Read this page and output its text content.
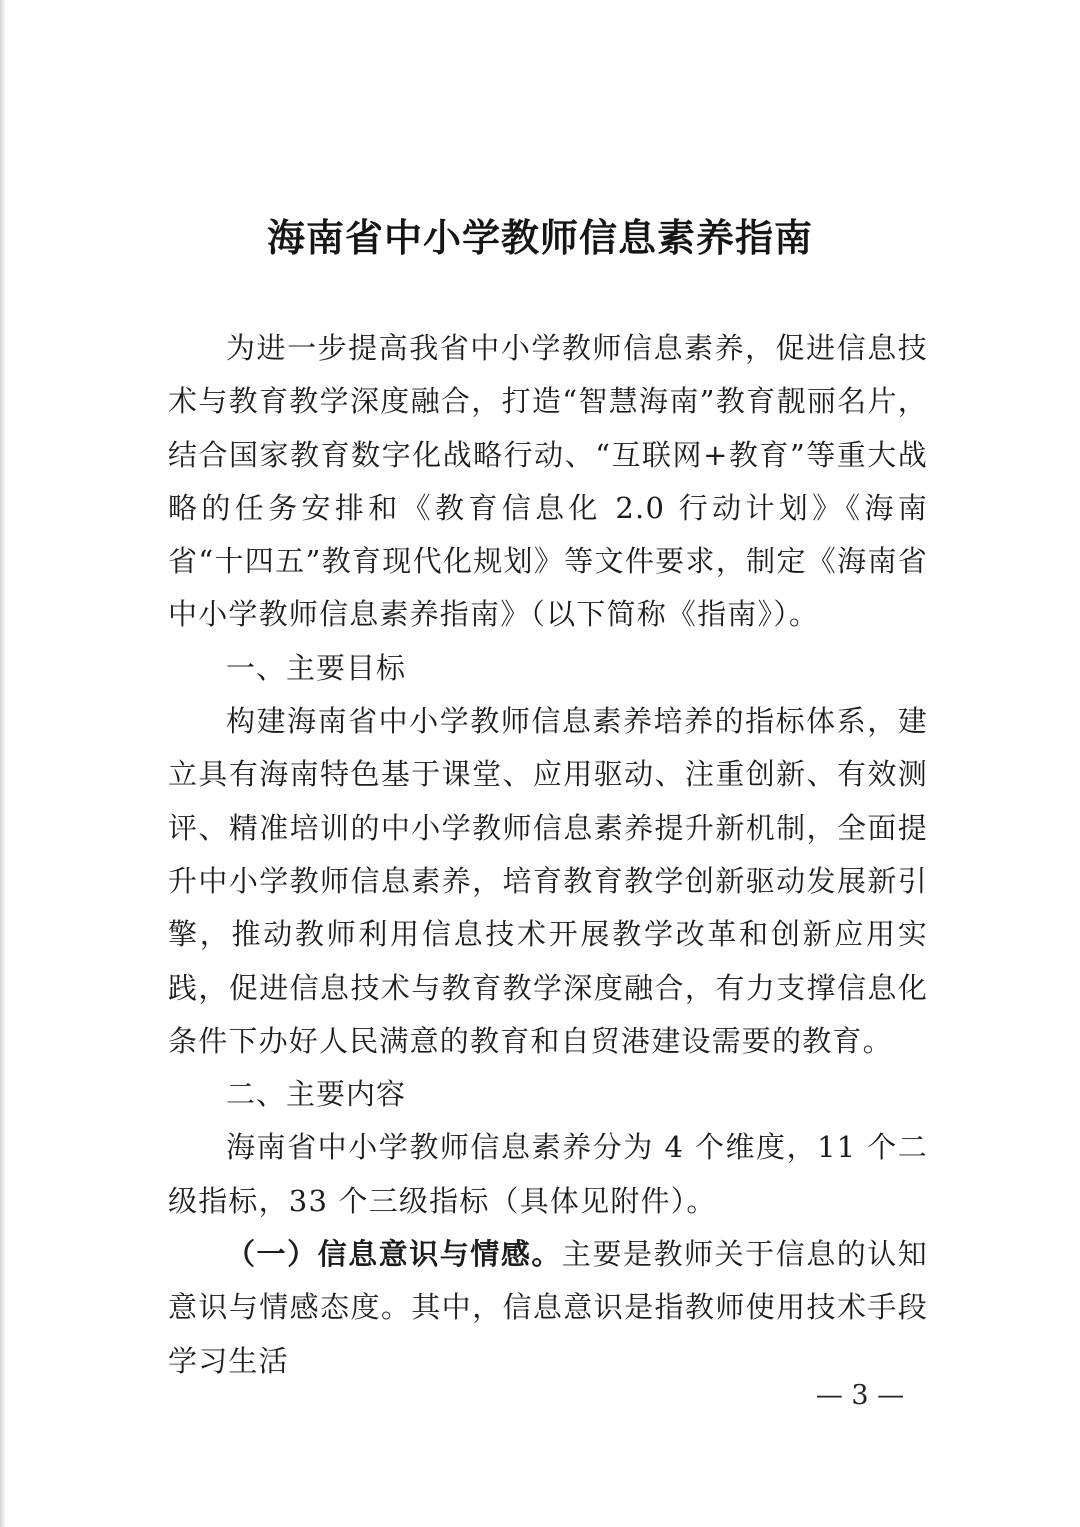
海南省中小学教师信息素养指南

为进一步提高我省中小学教师信息素养，促进信息技术与教育教学深度融合，打造“智慧海南”教育靓丽名片，结合国家教育数字化战略行动、“互联网+教育”等重大战略的任务安排和《教育信息化 2.0 行动计划》《海南省“十四五”教育现代化规划》等文件要求，制定《海南省中小学教师信息素养指南》（以下简称《指南》）。

一、主要目标

构建海南省中小学教师信息素养培养的指标体系，建立具有海南特色基于课堂、应用驱动、注重创新、有效测评、精准培训的中小学教师信息素养提升新机制，全面提升中小学教师信息素养，培育教育教学创新驱动发展新引擎，推动教师利用信息技术开展教学改革和创新应用实践，促进信息技术与教育教学深度融合，有力支撑信息化条件下办好人民满意的教育和自贸港建设需要的教育。

二、主要内容

海南省中小学教师信息素养分为 4 个维度，11 个二级指标，33 个三级指标（具体见附件）。

（一）信息意识与情感。主要是教师关于信息的认知意识与情感态度。其中，信息意识是指教师使用技术手段学习生活

— 3 —
